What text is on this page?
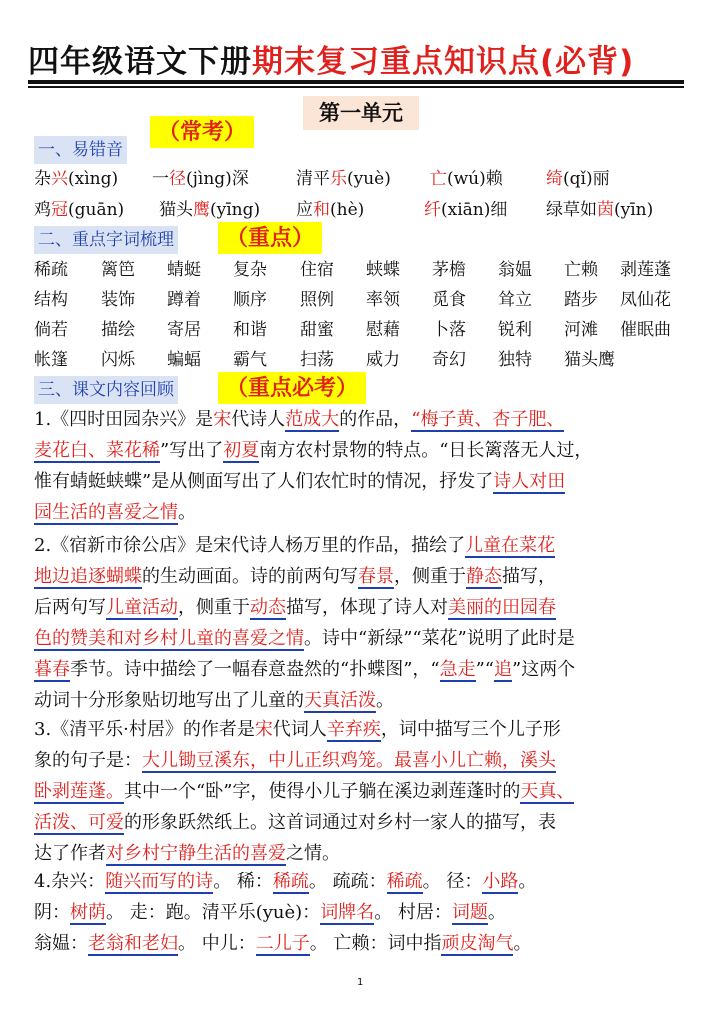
四年级语文下册期末复习重点知识点(必背)
第一单元
（常考）
一、易错音
杂兴(xìng) 一径(jìng)深	清平乐(yuè) 亡(wú)赖	绮(qǐ)丽
鸡冠(guān) 猫头鹰(yīng) 应和(hè)	纤(xiān)细 绿草如茵(yīn)
（重点）
二、重点字词梳理
稀疏 篱笆 蜻蜓 复杂 住宿 蛱蝶 茅檐 翁媪 亡赖 剥莲蓬
结构 装饰 蹲着 顺序 照例 率领 觅食 耸立 踏步 凤仙花
倘若 描绘 寄居 和谐 甜蜜 慰藉 卜落 锐利 河滩 催眠曲
帐篷 闪烁 蝙蝠 霸气 扫荡 威力 奇幻 独特 猫头鹰
（重点必考）
三、课文内容回顾
1.《四时田园杂兴》是宋代诗人范成大的作品，“梅子黄、杏子肥、
麦花白、菜花稀”写出了初夏南方农村景物的特点。“日长篱落无人过，
惟有蜻蜓蛱蝶”是从侧面写出了人们农忙时的情况，抒发了诗人对田
园生活的喜爱之情。
2.《宿新市徐公店》是宋代诗人杨万里的作品，描绘了儿童在菜花
地边追逐蝴蝶的生动画面。诗的前两句写春景，侧重于静态描写，
后两句写儿童活动，侧重于动态描写，体现了诗人对美丽的田园春
色的赞美和对乡村儿童的喜爱之情。诗中“新绿”“菜花”说明了此时是
暮春季节。诗中描绘了一幅春意盎然的“扑蝶图”，“急走”“追”这两个
动词十分形象贴切地写出了儿童的天真活泼。
3.《清平乐·村居》的作者是宋代词人辛弃疾，词中描写三个儿子形
象的句子是：大儿锄豆溪东，中儿正织鸡笼。最喜小儿亡赖，溪头
卧剥莲蓬。其中一个“卧”字，使得小儿子躺在溪边剥莲蓬时的天真、
活泼、可爱的形象跃然纸上。这首词通过对乡村一家人的描写，表
达了作者对乡村宁静生活的喜爱之情。
4.杂兴：随兴而写的诗。 稀：稀疏。 疏疏：稀疏。 径：小路。
阴：树荫。 走：跑。清平乐(yuè)：词牌名。 村居：词题。
翁媪：老翁和老妇。 中儿：二儿子。 亡赖：词中指顽皮淘气。
1
